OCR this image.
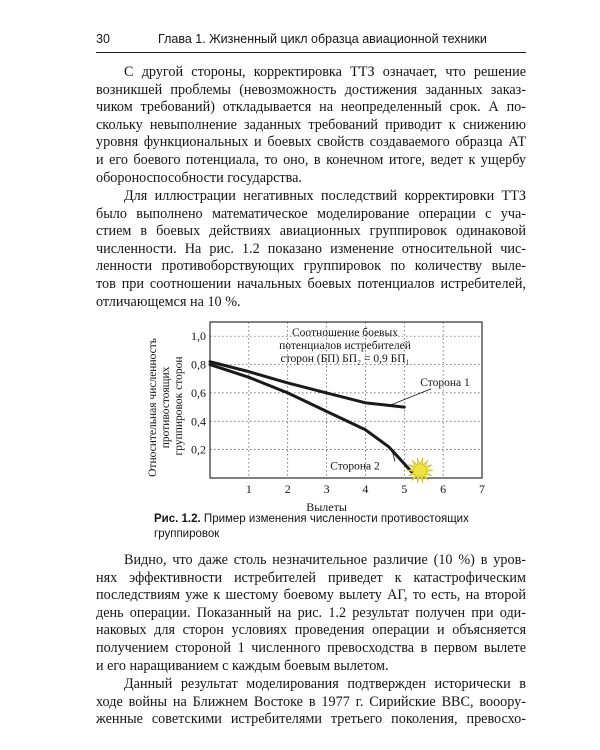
30	Глава 1. Жизненный цикл образца авиационной техники
С другой стороны, корректировка ТТЗ означает, что решение
возникшей проблемы (невозможность достижения заданных заказ-
чиком требований) откладывается на неопределенный срок. А по-
скольку невыполнение заданных требований приводит к снижению
уровня функциональных и боевых свойств создаваемого образца АТ
и его боевого потенциала, то оно, в конечном итоге, ведет к ущербу
обороноспособности государства.
Для иллюстрации негативных последствий корректировки ТТЗ
было выполнено математическое моделирование операции с уча-
стием в боевых действиях авиационных группировок одинаковой
численности. На рис. 1.2 показано изменение относительной чис-
ленности противоборствующих группировок по количеству выле-
тов при соотношении начальных боевых потенциалов истребителей,
отличающемся на 10 %.
Относительная численность противостоящих группировок сторон
1	2	3	4	5	6	7
0,2
0,4
0,6
0,8
1,0
Вылеты
Соотношение боевых
потенциалов истребителей
сторон (БП) БП₂ = 0,9 БП₁
Сторона 1
Сторона 2
Рис. 1.2. Пример изменения численности противостоящих
группировок
Видно, что даже столь незначительное различие (10 %) в уров-
нях эффективности истребителей приведет к катастрофическим
последствиям уже к шестому боевому вылету АГ, то есть, на второй
день операции. Показанный на рис. 1.2 результат получен при оди-
наковых для сторон условиях проведения операции и объясняется
получением стороной 1 численного превосходства в первом вылете
и его наращиванием с каждым боевым вылетом.
Данный результат моделирования подтвержден исторически в
ходе войны на Ближнем Востоке в 1977 г. Сирийские ВВС, вооору-
женные советскими истребителями третьего поколения, превосхо-
